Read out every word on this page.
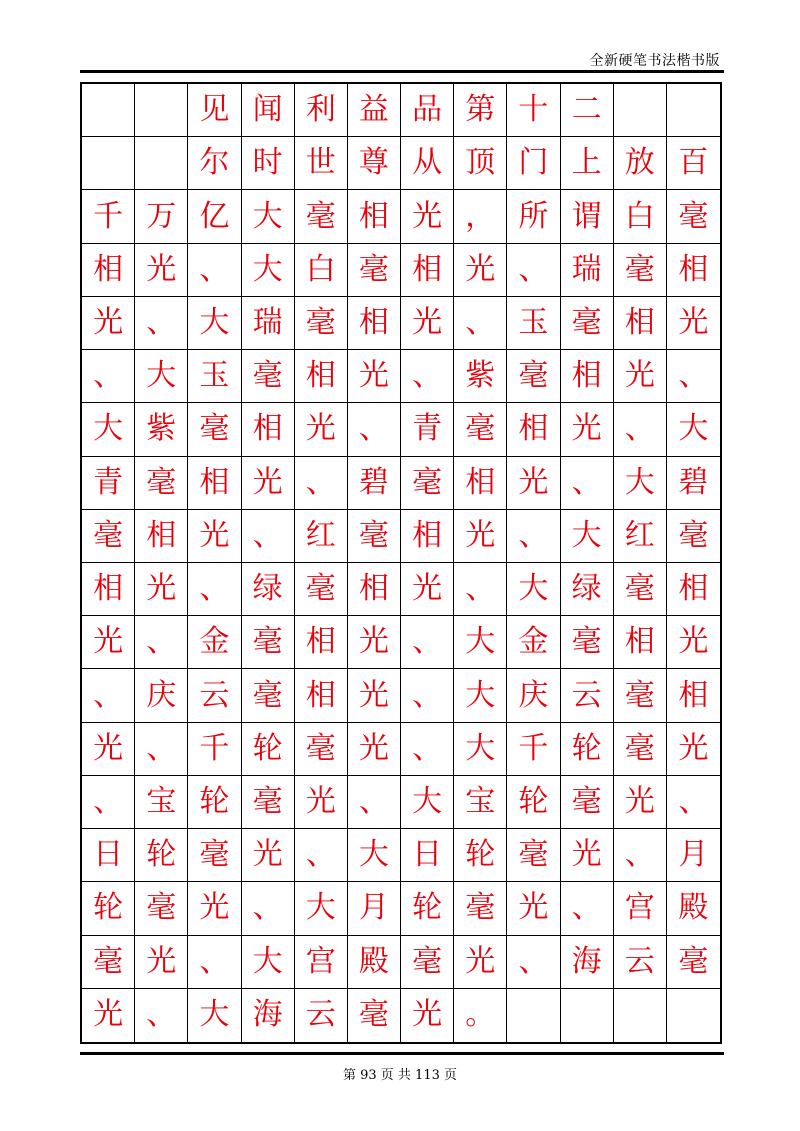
全新硬笔书法楷书版
见 闻 利 益 品 第 十 二
尔 时 世 尊 从 顶 门 上 放 百
千 万 亿 大 毫 相 光 ， 所 谓 白 毫
相 光 、 大 白 毫 相 光 、 瑞 毫 相
光 、 大 瑞 毫 相 光 、 玉 毫 相 光
、 大 玉 毫 相 光 、 紫 毫 相 光 、
大 紫 毫 相 光 、 青 毫 相 光 、 大
青 毫 相 光 、 碧 毫 相 光 、 大 碧
毫 相 光 、 红 毫 相 光 、 大 红 毫
相 光 、 绿 毫 相 光 、 大 绿 毫 相
光 、 金 毫 相 光 、 大 金 毫 相 光
、 庆 云 毫 相 光 、 大 庆 云 毫 相
光 、 千 轮 毫 光 、 大 千 轮 毫 光
、 宝 轮 毫 光 、 大 宝 轮 毫 光 、
日 轮 毫 光 、 大 日 轮 毫 光 、 月
轮 毫 光 、 大 月 轮 毫 光 、 宫 殿
毫 光 、 大 宫 殿 毫 光 、 海 云 毫
光 、 大 海 云 毫 光 。
第 93 页 共 113 页
